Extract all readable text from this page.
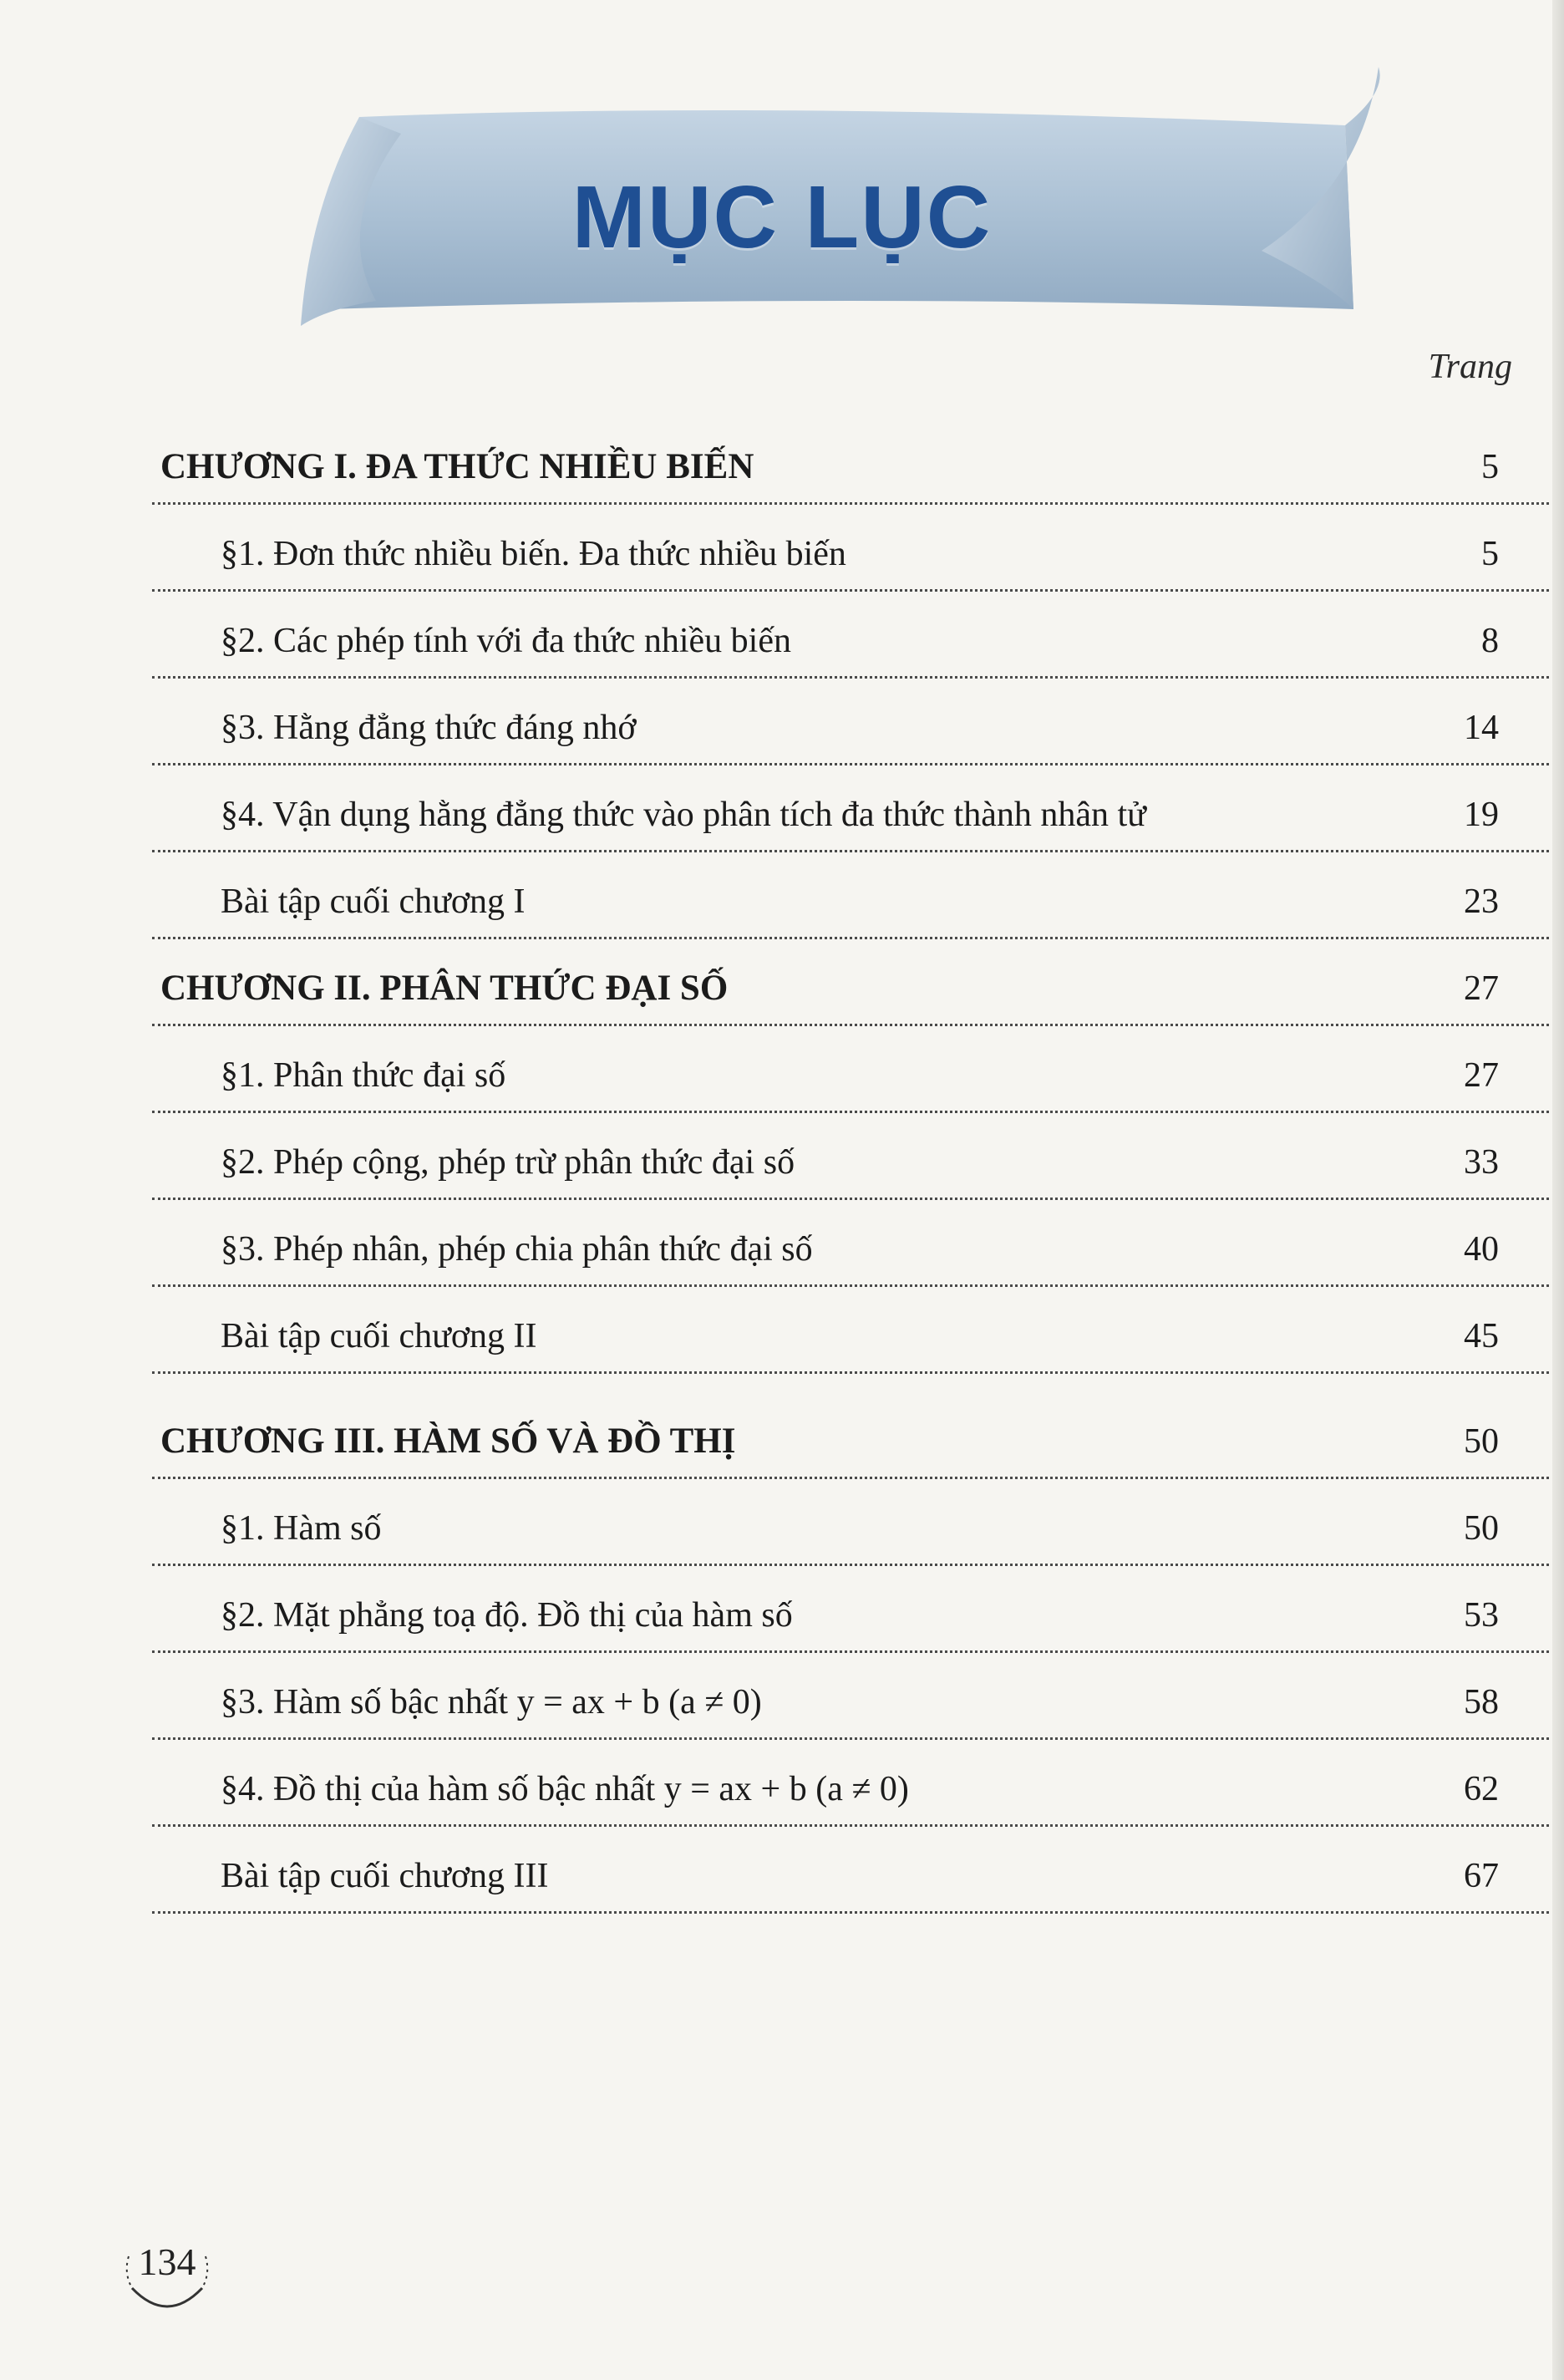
MỤC LỤC
Trang
CHƯƠNG I. ĐA THỨC NHIỀU BIẾN	5
§1. Đơn thức nhiều biến. Đa thức nhiều biến	5
§2. Các phép tính với đa thức nhiều biến	8
§3. Hằng đẳng thức đáng nhớ	14
§4. Vận dụng hằng đẳng thức vào phân tích đa thức thành nhân tử	19
Bài tập cuối chương I	23
CHƯƠNG II. PHÂN THỨC ĐẠI SỐ	27
§1. Phân thức đại số	27
§2. Phép cộng, phép trừ phân thức đại số	33
§3. Phép nhân, phép chia phân thức đại số	40
Bài tập cuối chương II	45
CHƯƠNG III. HÀM SỐ VÀ ĐỒ THỊ	50
§1. Hàm số	50
§2. Mặt phẳng toạ độ. Đồ thị của hàm số	53
§3. Hàm số bậc nhất y = ax + b (a ≠ 0)	58
§4. Đồ thị của hàm số bậc nhất y = ax + b (a ≠ 0)	62
Bài tập cuối chương III	67
134
